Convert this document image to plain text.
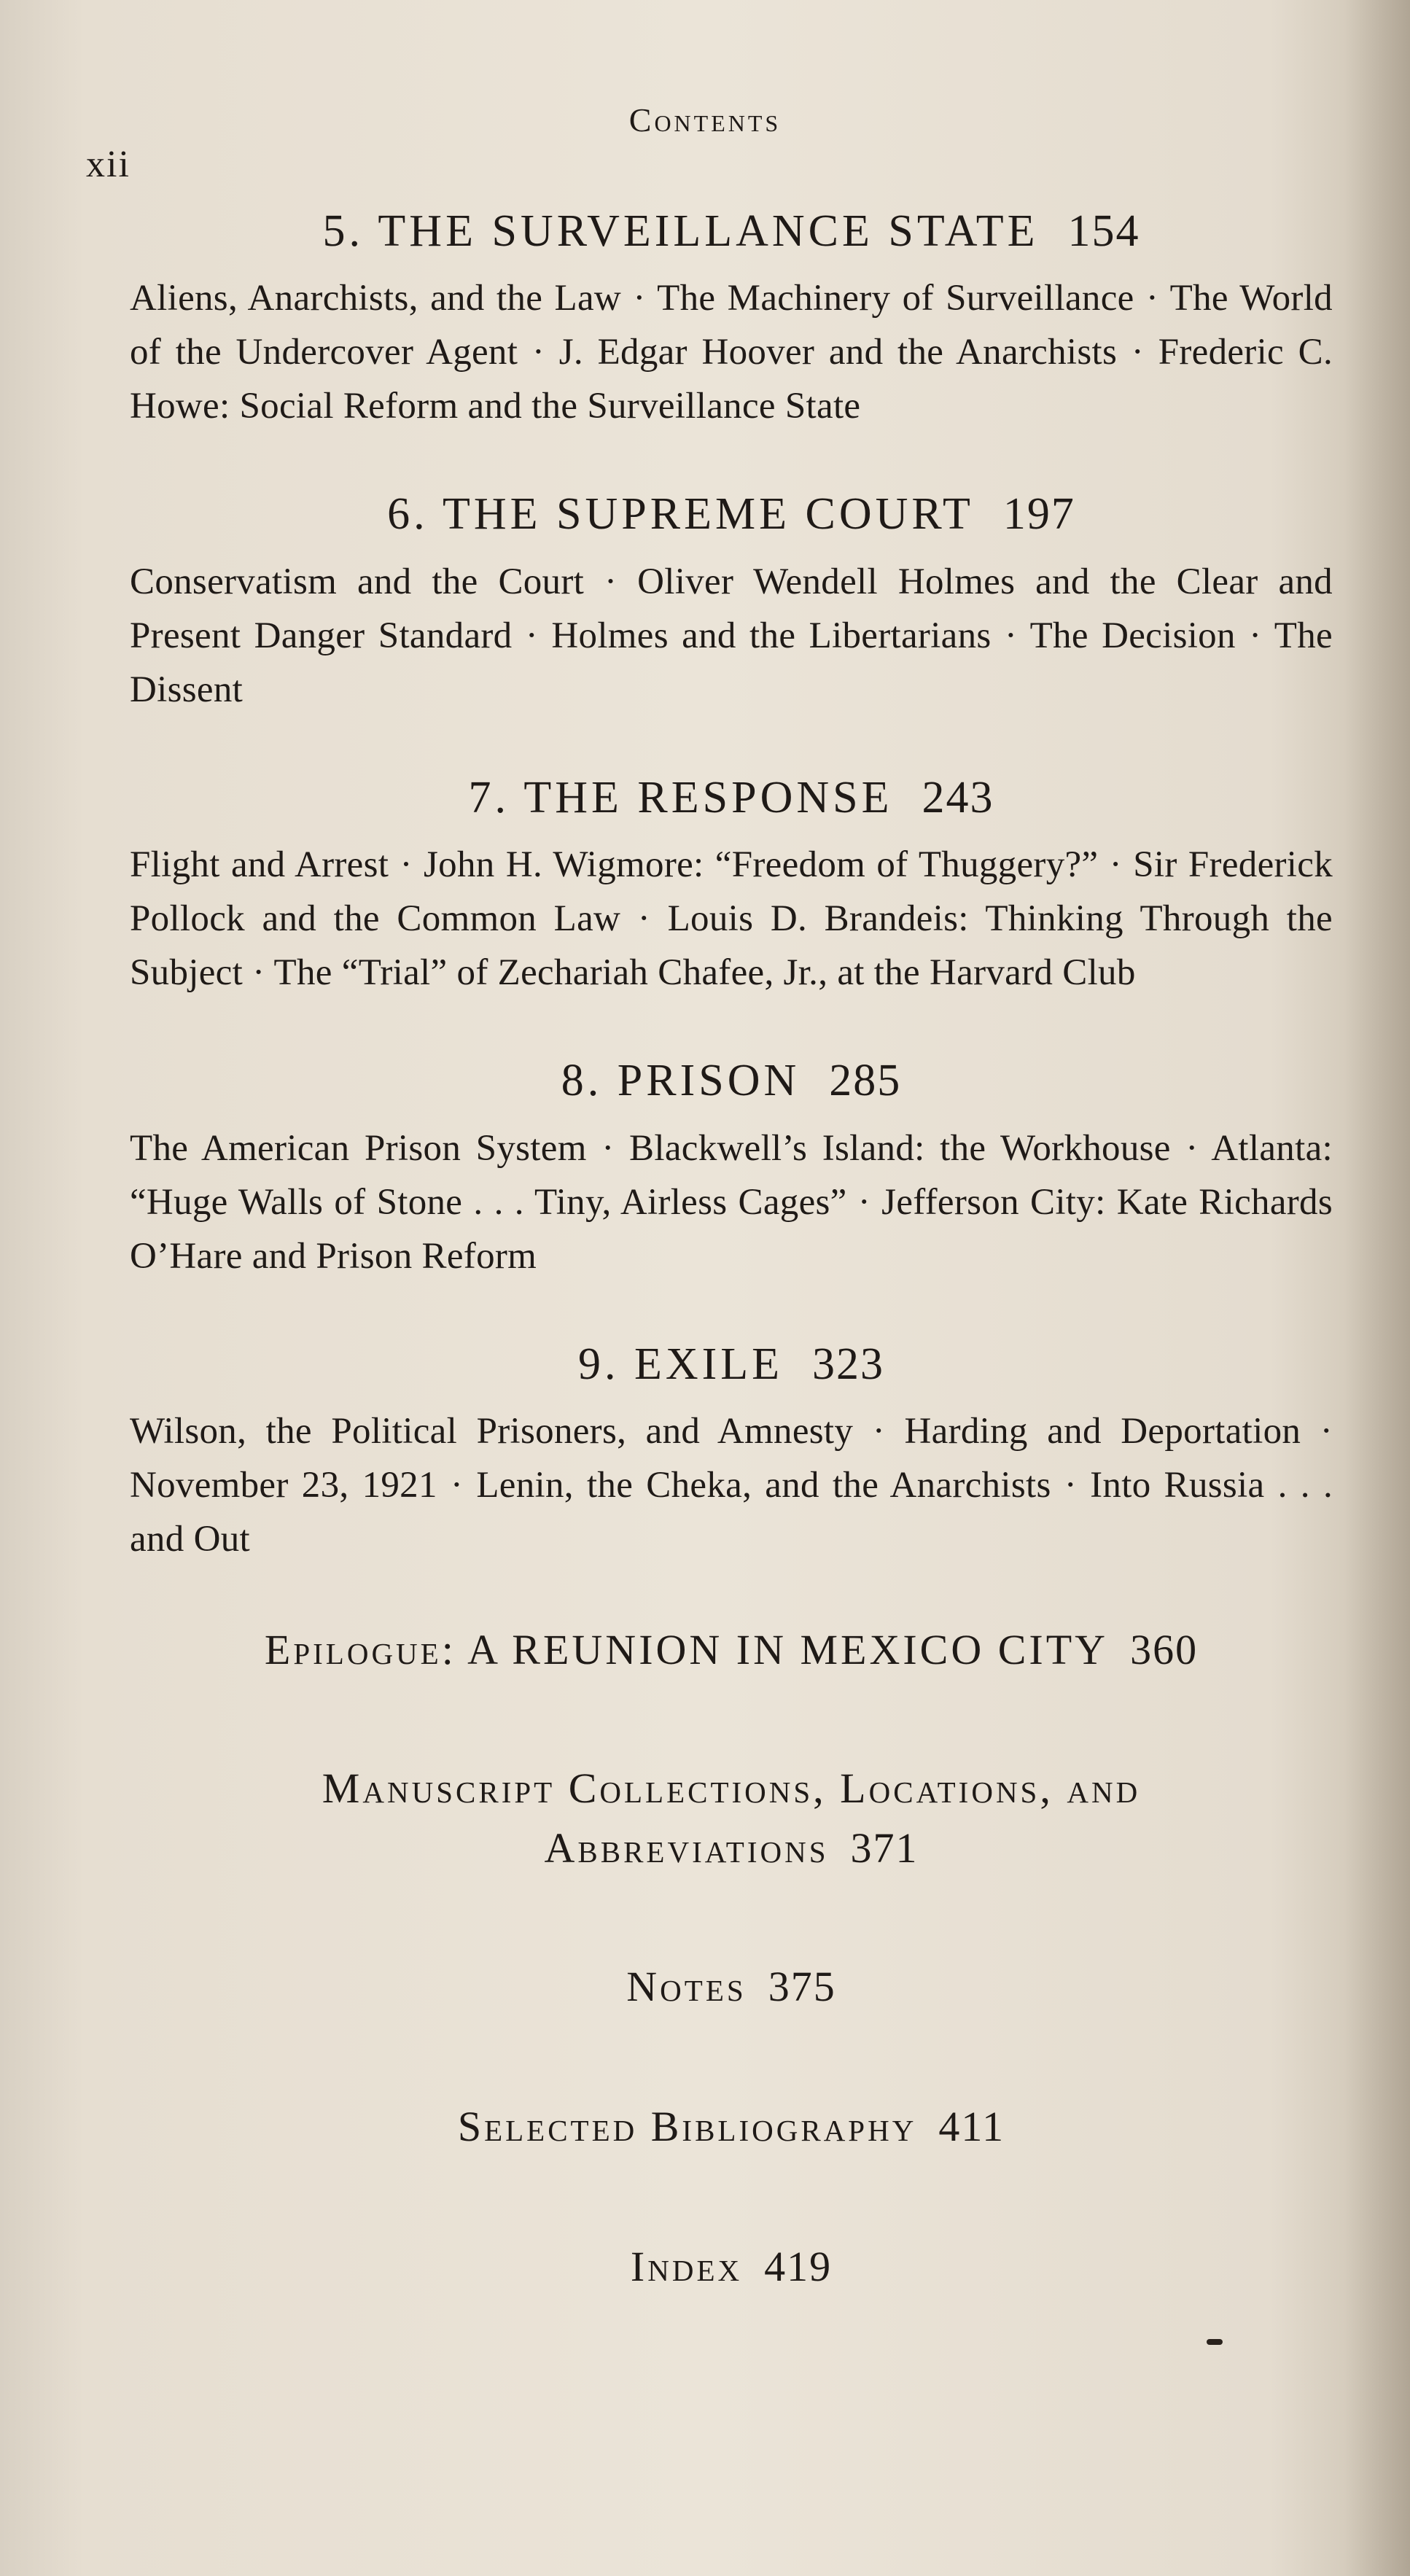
Contents
xii
5. THE SURVEILLANCE STATE 154
Aliens, Anarchists, and the Law · The Machinery of Surveillance · The World of the Undercover Agent · J. Edgar Hoover and the Anarchists · Frederic C. Howe: Social Reform and the Surveillance State
6. THE SUPREME COURT 197
Conservatism and the Court · Oliver Wendell Holmes and the Clear and Present Danger Standard · Holmes and the Libertarians · The Decision · The Dissent
7. THE RESPONSE 243
Flight and Arrest · John H. Wigmore: “Freedom of Thuggery?” · Sir Frederick Pollock and the Common Law · Louis D. Brandeis: Thinking Through the Subject · The “Trial” of Zechariah Chafee, Jr., at the Harvard Club
8. PRISON 285
The American Prison System · Blackwell’s Island: the Workhouse · Atlanta: “Huge Walls of Stone . . . Tiny, Airless Cages” · Jefferson City: Kate Richards O’Hare and Prison Reform
9. EXILE 323
Wilson, the Political Prisoners, and Amnesty · Harding and Deportation · November 23, 1921 · Lenin, the Cheka, and the Anarchists · Into Russia . . . and Out
Epilogue: A REUNION IN MEXICO CITY 360
Manuscript Collections, Locations, and Abbreviations 371
Notes 375
Selected Bibliography 411
Index 419
